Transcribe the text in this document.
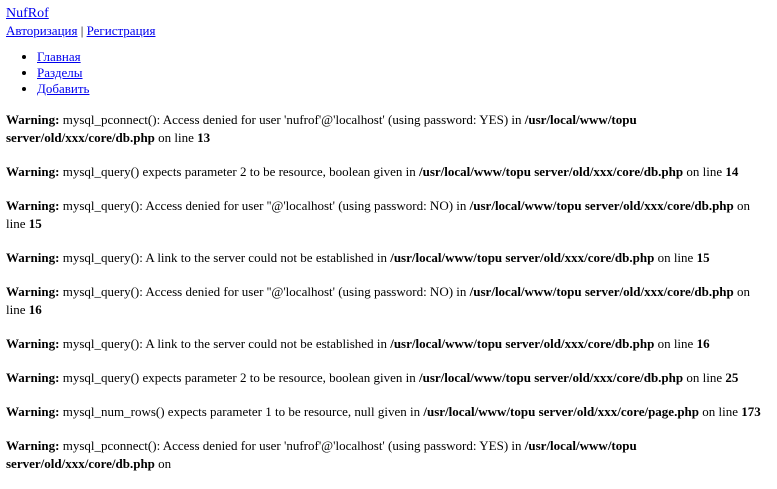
NufRof
Авторизация | Регистрация
• Главная
• Разделы
• Добавить
Warning: mysql_pconnect(): Access denied for user 'nufrof'@'localhost' (using password: YES) in /usr/local/www/topu server/old/xxx/core/db.php on line 13
Warning: mysql_query() expects parameter 2 to be resource, boolean given in /usr/local/www/topu server/old/xxx/core/db.php on line 14
Warning: mysql_query(): Access denied for user ''@'localhost' (using password: NO) in /usr/local/www/topu server/old/xxx/core/db.php on line 15
Warning: mysql_query(): A link to the server could not be established in /usr/local/www/topu server/old/xxx/core/db.php on line 15
Warning: mysql_query(): Access denied for user ''@'localhost' (using password: NO) in /usr/local/www/topu server/old/xxx/core/db.php on line 16
Warning: mysql_query(): A link to the server could not be established in /usr/local/www/topu server/old/xxx/core/db.php on line 16
Warning: mysql_query() expects parameter 2 to be resource, boolean given in /usr/local/www/topu server/old/xxx/core/db.php on line 25
Warning: mysql_num_rows() expects parameter 1 to be resource, null given in /usr/local/www/topu server/old/xxx/core/page.php on line 173
Warning: mysql_pconnect(): Access denied for user 'nufrof'@'localhost' (using password: YES) in /usr/local/www/topu server/old/xxx/core/db.php on
